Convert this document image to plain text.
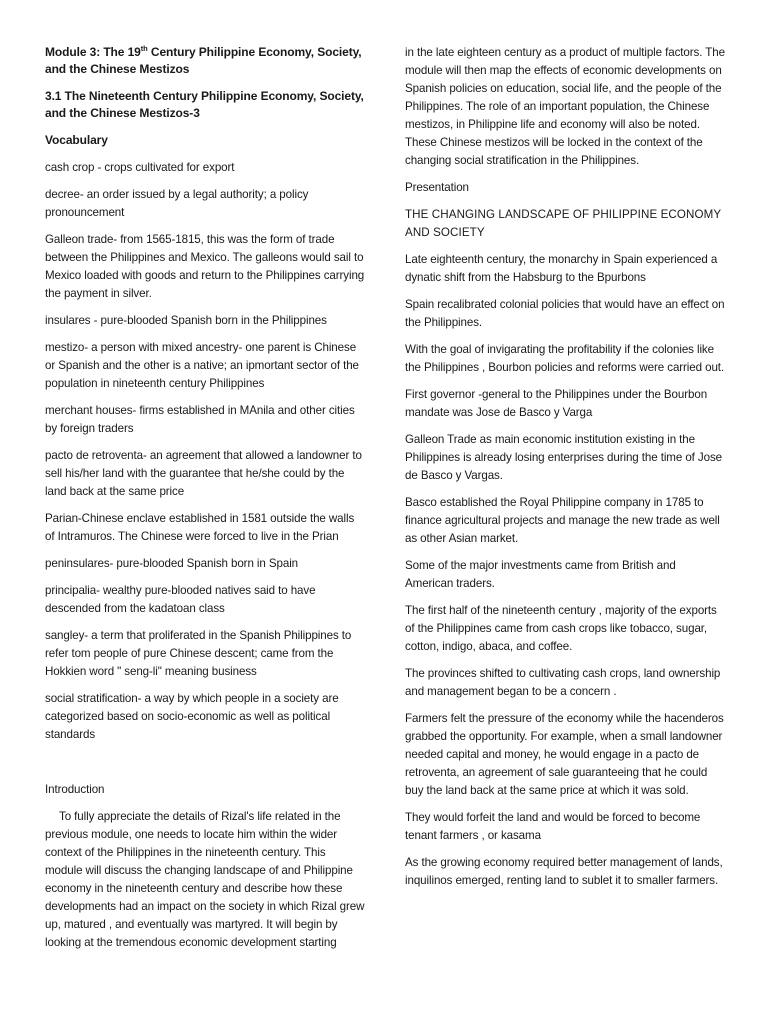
Module 3: The 19th Century Philippine Economy, Society, and the Chinese Mestizos

3.1 The Nineteenth Century Philippine Economy, Society, and the Chinese Mestizos-3

Vocabulary

cash crop - crops cultivated for export

decree- an order issued by a legal authority; a policy pronouncement

Galleon trade- from 1565-1815, this was the form of trade between the Philippines and Mexico. The galleons would sail to Mexico loaded with goods and return to the Philippines carrying the payment in silver.

insulares - pure-blooded Spanish born in the Philippines

mestizo- a person with mixed ancestry- one parent is Chinese or Spanish and the other is a native; an ipmortant sector of the population in nineteenth century Philippines

merchant houses- firms established in MAnila and other cities by foreign traders

pacto de retroventa- an agreement that allowed a landowner to sell his/her land with the guarantee that he/she could by the land back at the same price

Parian-Chinese enclave established in 1581 outside the walls of Intramuros. The Chinese were forced to live in the Prian

peninsulares- pure-blooded Spanish born in Spain

principalia- wealthy pure-blooded natives said to have descended from the kadatoan class

sangley- a term that proliferated in the Spanish Philippines to refer tom people of pure Chinese descent; came from the Hokkien word " seng-li" meaning business

social stratification- a way by which people in a society are categorized based on socio-economic as well as political standards

Introduction

To fully appreciate the details of Rizal's life related in the previous module, one needs to locate him within the wider context of the Philippines in the nineteenth century. This module will discuss the changing landscape of and Philippine economy in the nineteenth century and describe how these developments had an impact on the society in which Rizal grew up, matured , and eventually was martyred. It will begin by looking at the tremendous economic development starting

in the late eighteen century as a product of multiple factors. The module will then map the effects of economic developments on Spanish policies on education, social life, and the people of the Philippines. The role of an important population, the Chinese mestizos, in Philippine life and economy will also be noted. These Chinese mestizos will be locked in the context of the changing social stratification in the Philippines.

Presentation

THE CHANGING LANDSCAPE OF PHILIPPINE ECONOMY AND SOCIETY

Late eighteenth century, the monarchy in Spain experienced a dynatic shift from the Habsburg to the Bpurbons

Spain recalibrated colonial policies that would have an effect on the Philippines.

With the goal of invigarating the profitability if the colonies like the Philippines , Bourbon policies and reforms were carried out.

First governor -general to the Philippines under the Bourbon mandate was Jose de Basco y Varga

Galleon Trade as main economic institution existing in the Philippines is already losing enterprises during the time of Jose de Basco y Vargas.

Basco established the Royal Philippine company in 1785 to finance agricultural projects and manage the new trade as well as other Asian market.

Some of the major investments came from British and American traders.

The first half of the nineteenth century , majority of the exports of the Philippines came from cash crops like tobacco, sugar, cotton, indigo, abaca, and coffee.

The provinces shifted to cultivating cash crops, land ownership and management began to be a concern .

Farmers felt the pressure of the economy while the hacenderos grabbed the opportunity. For example, when a small landowner needed capital and money, he would engage in a pacto de retroventa, an agreement of sale guaranteeing that he could buy the land back at the same price at which it was sold.

They would forfeit the land and would be forced to become tenant farmers , or kasama

As the growing economy required better management of lands, inquilinos emerged, renting land to sublet it to smaller farmers.
